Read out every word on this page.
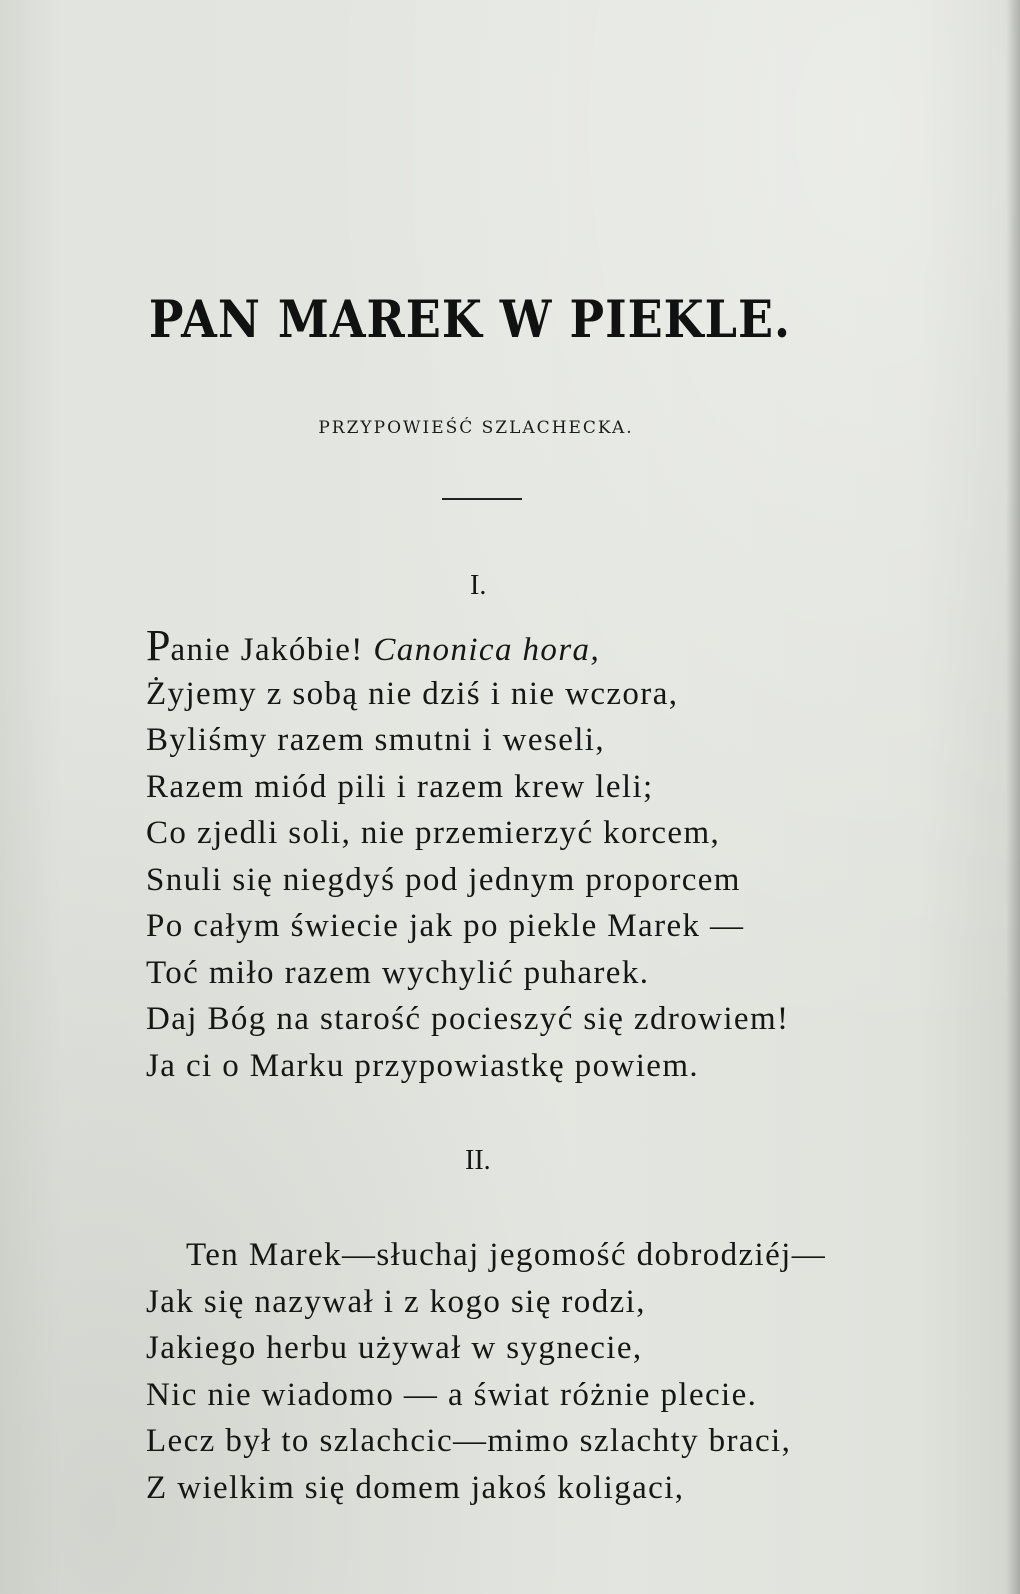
PAN MAREK W PIEKLE.
PRZYPOWIEŚĆ SZLACHECKA.
I.
Panie Jakóbie! Canonica hora,
Żyjemy z sobą nie dziś i nie wczora,
Byliśmy razem smutni i weseli,
Razem miód pili i razem krew leli;
Co zjedli soli, nie przemierzyć korcem,
Snuli się niegdyś pod jednym proporcem
Po całym świecie jak po piekle Marek —
Toć miło razem wychylić puharek.
Daj Bóg na starość pocieszyć się zdrowiem!
Ja ci o Marku przypowiastkę powiem.
II.
Ten Marek—słuchaj jegomość dobrodziéj—
Jak się nazywał i z kogo się rodzi,
Jakiego herbu używał w sygnecie,
Nic nie wiadomo — a świat różnie plecie.
Lecz był to szlachcic—mimo szlachty braci,
Z wielkim się domem jakoś koligaci,
